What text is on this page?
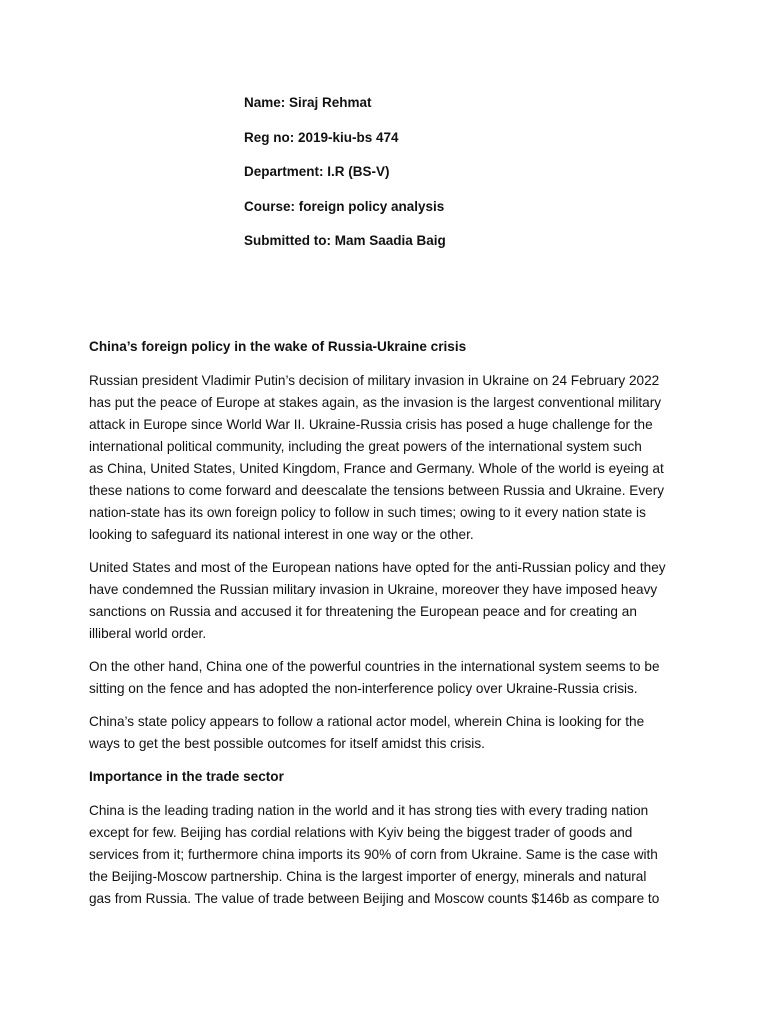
Name: Siraj Rehmat
Reg no: 2019-kiu-bs 474
Department: I.R (BS-V)
Course: foreign policy analysis
Submitted to: Mam Saadia Baig
China’s foreign policy in the wake of Russia-Ukraine crisis
Russian president Vladimir Putin’s decision of military invasion in Ukraine on 24 February 2022
has put the peace of Europe at stakes again, as the invasion is the largest conventional military
attack in Europe since World War II. Ukraine-Russia crisis has posed a huge challenge for the
international political community, including the great powers of the international system such
as China, United States, United Kingdom, France and Germany. Whole of the world is eyeing at
these nations to come forward and deescalate the tensions between Russia and Ukraine. Every
nation-state has its own foreign policy to follow in such times; owing to it every nation state is
looking to safeguard its national interest in one way or the other.
United States and most of the European nations have opted for the anti-Russian policy and they
have condemned the Russian military invasion in Ukraine, moreover they have imposed heavy
sanctions on Russia and accused it for threatening the European peace and for creating an
illiberal world order.
On the other hand, China one of the powerful countries in the international system seems to be
sitting on the fence and has adopted the non-interference policy over Ukraine-Russia crisis.
China’s state policy appears to follow a rational actor model, wherein China is looking for the
ways to get the best possible outcomes for itself amidst this crisis.
Importance in the trade sector
China is the leading trading nation in the world and it has strong ties with every trading nation
except for few. Beijing has cordial relations with Kyiv being the biggest trader of goods and
services from it; furthermore china imports its 90% of corn from Ukraine. Same is the case with
the Beijing-Moscow partnership. China is the largest importer of energy, minerals and natural
gas from Russia. The value of trade between Beijing and Moscow counts $146b as compare to
